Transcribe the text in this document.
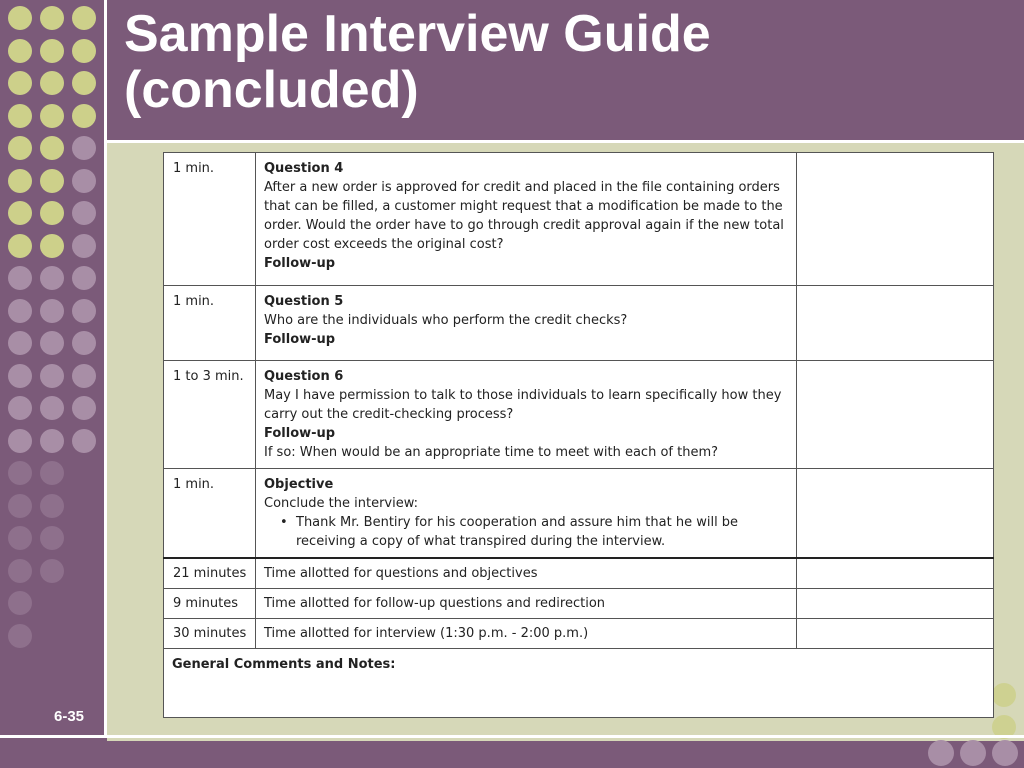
Sample Interview Guide
(concluded)
1 min.	Question 4
After a new order is approved for credit and placed in the file containing orders that can be filled, a customer might request that a modification be made to the order. Would the order have to go through credit approval again if the new total order cost exceeds the original cost?
Follow-up	

1 min.	Question 5
Who are the individuals who perform the credit checks?
Follow-up	

1 to 3 min.	Question 6
May I have permission to talk to those individuals to learn specifically how they carry out the credit-checking process?
Follow-up
If so: When would be an appropriate time to meet with each of them?	
1 min.	Objective
Conclude the interview:
• Thank Mr. Bentiry for his cooperation and assure him that he will be receiving a copy of what transpired during the interview.

21 minutes	Time allotted for questions and objectives	
9 minutes	Time allotted for follow-up questions and redirection	
30 minutes	Time allotted for interview (1:30 p.m. - 2:00 p.m.)	
General Comments and Notes:		
6-35
